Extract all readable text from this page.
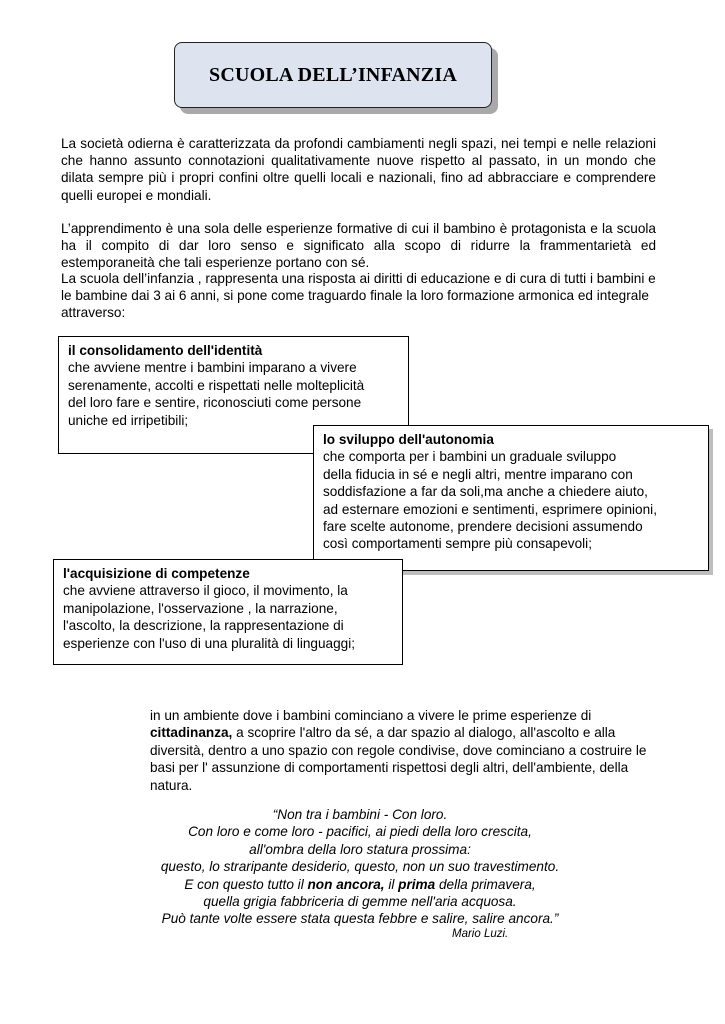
SCUOLA DELL’INFANZIA

La società odierna è caratterizzata da profondi cambiamenti negli spazi, nei tempi e nelle relazioni che hanno assunto connotazioni qualitativamente nuove rispetto al passato, in un mondo che dilata sempre più i propri confini oltre quelli locali e nazionali, fino ad abbracciare e comprendere quelli europei e mondiali.

L’apprendimento è una sola delle esperienze formative di cui il bambino è protagonista e la scuola ha il compito di dar loro senso e significato alla scopo di ridurre la frammentarietà ed estemporaneità che tali esperienze portano con sé.

La scuola dell’infanzia , rappresenta una risposta ai diritti di educazione e di cura di tutti i bambini e le bambine dai 3 ai 6 anni, si pone come traguardo finale la loro formazione armonica ed integrale attraverso:

il consolidamento dell'identità
che avviene mentre i bambini imparano a vivere
serenamente, accolti e rispettati nelle molteplicità
del loro fare e sentire, riconosciuti come persone
uniche ed irripetibili;
lo sviluppo dell'autonomia
che comporta per i bambini un graduale sviluppo
della fiducia in sé e negli altri, mentre imparano con
soddisfazione a far da soli,ma anche a chiedere aiuto,
ad esternare emozioni e sentimenti, esprimere opinioni,
fare scelte autonome, prendere decisioni assumendo
così comportamenti sempre più consapevoli;
l'acquisizione di competenze
che avviene attraverso il gioco, il movimento, la
manipolazione, l'osservazione , la narrazione,
l'ascolto, la descrizione, la rappresentazione di
esperienze con l'uso di una pluralità di linguaggi;

in un ambiente dove i bambini cominciano a vivere le prime esperienze di cittadinanza, a scoprire l'altro da sé, a dar spazio al dialogo, all'ascolto e alla diversità, dentro a uno spazio con regole condivise, dove cominciano a costruire le basi per l' assunzione di comportamenti rispettosi degli altri, dell'ambiente, della natura.

“Non tra i bambini - Con loro.
Con loro e come loro - pacifici, ai piedi della loro crescita,
all'ombra della loro statura prossima:
questo, lo straripante desiderio, questo, non un suo travestimento.
E con questo tutto il non ancora, il prima della primavera,
quella grigia fabbriceria di gemme nell'aria acquosa.
Può tante volte essere stata questa febbre e salire, salire ancora.”

Mario Luzi.
